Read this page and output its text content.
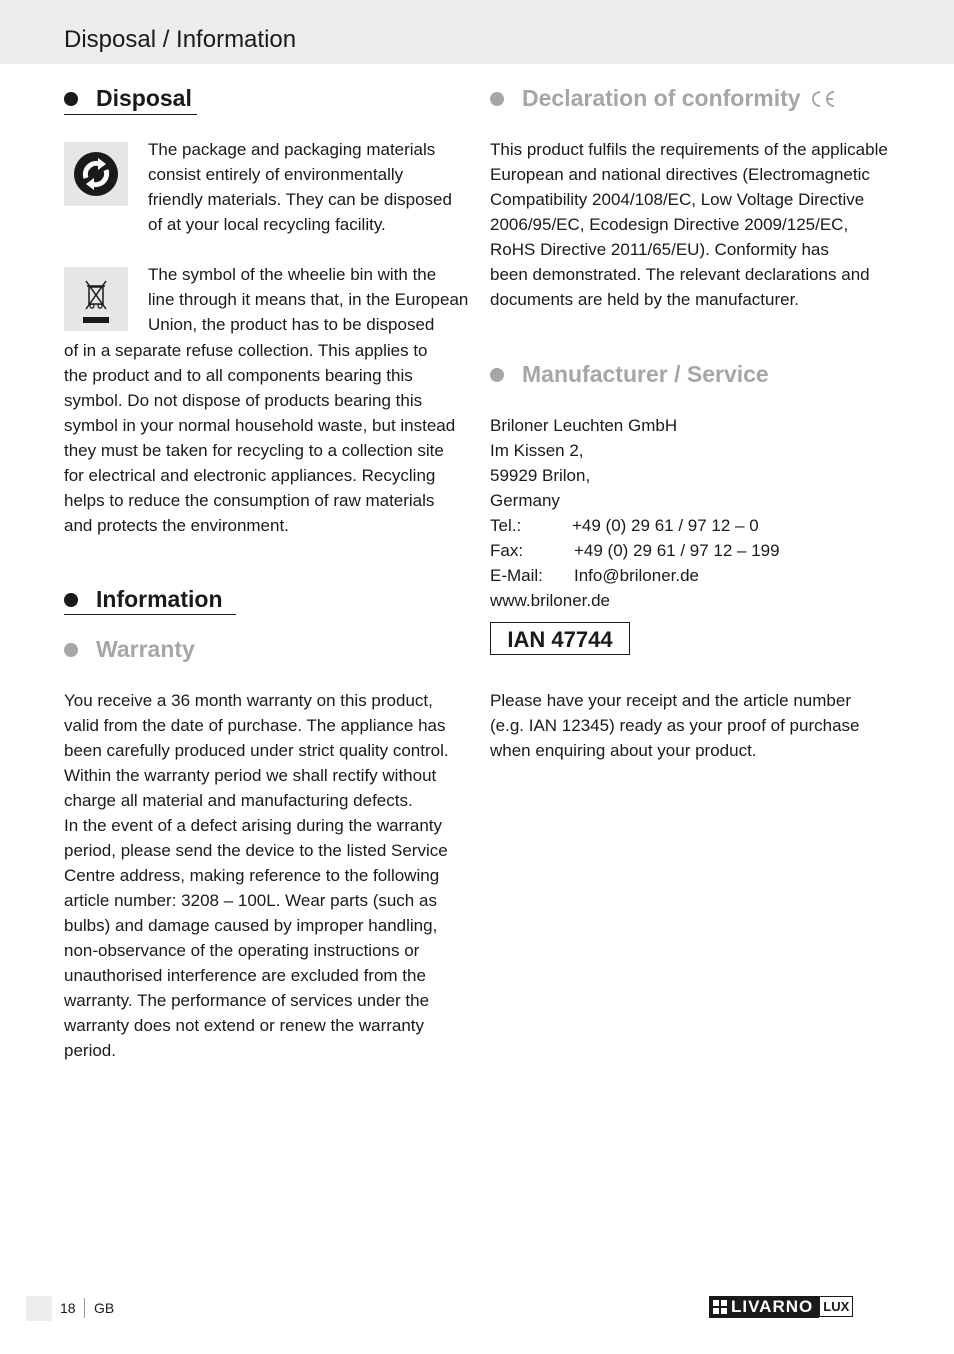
Disposal / Information
Disposal

The package and packaging materials

consist entirely of environmentally

friendly materials. They can be disposed

of at your local recycling facility.

The symbol of the wheelie bin with the

line through it means that, in the European

Union, the product has to be disposed

of in a separate refuse collection. This applies to

the product and to all components bearing this

symbol. Do not dispose of products bearing this

symbol in your normal household waste, but instead

they must be taken for recycling to a collection site

for electrical and electronic appliances. Recycling

helps to reduce the consumption of raw materials

and protects the environment.

Information
Warranty

You receive a 36 month warranty on this product,

valid from the date of purchase. The appliance has

been carefully produced under strict quality control.

Within the warranty period we shall rectify without

charge all material and manufacturing defects.

In the event of a defect arising during the warranty

period, please send the device to the listed Service

Centre address, making reference to the following

article number: 3208 – 100L. Wear parts (such as

bulbs) and damage caused by improper handling,

non-observance of the operating instructions or

unauthorised interference are excluded from the

warranty. The performance of services under the

warranty does not extend or renew the warranty

period.

Declaration of conformity

This product fulfils the requirements of the applicable

European and national directives (Electromagnetic

Compatibility 2004/108/EC, Low Voltage Directive

2006/95/EC, Ecodesign Directive 2009/125/EC,

RoHS Directive 2011/65/EU). Conformity has

been demonstrated. The relevant declarations and

documents are held by the manufacturer.

Manufacturer / Service

Briloner Leuchten GmbH

Im Kissen 2,

59929 Brilon,

Germany

Tel.:	+49 (0) 29 61 / 97 12 – 0
Fax:	+49 (0) 29 61 / 97 12 – 199
E-Mail: Info@briloner.de
www.briloner.de
IAN 47744

Please have your receipt and the article number

(e.g. IAN 12345) ready as your proof of purchase

when enquiring about your product.

18 GB	LIVARNO LUX
